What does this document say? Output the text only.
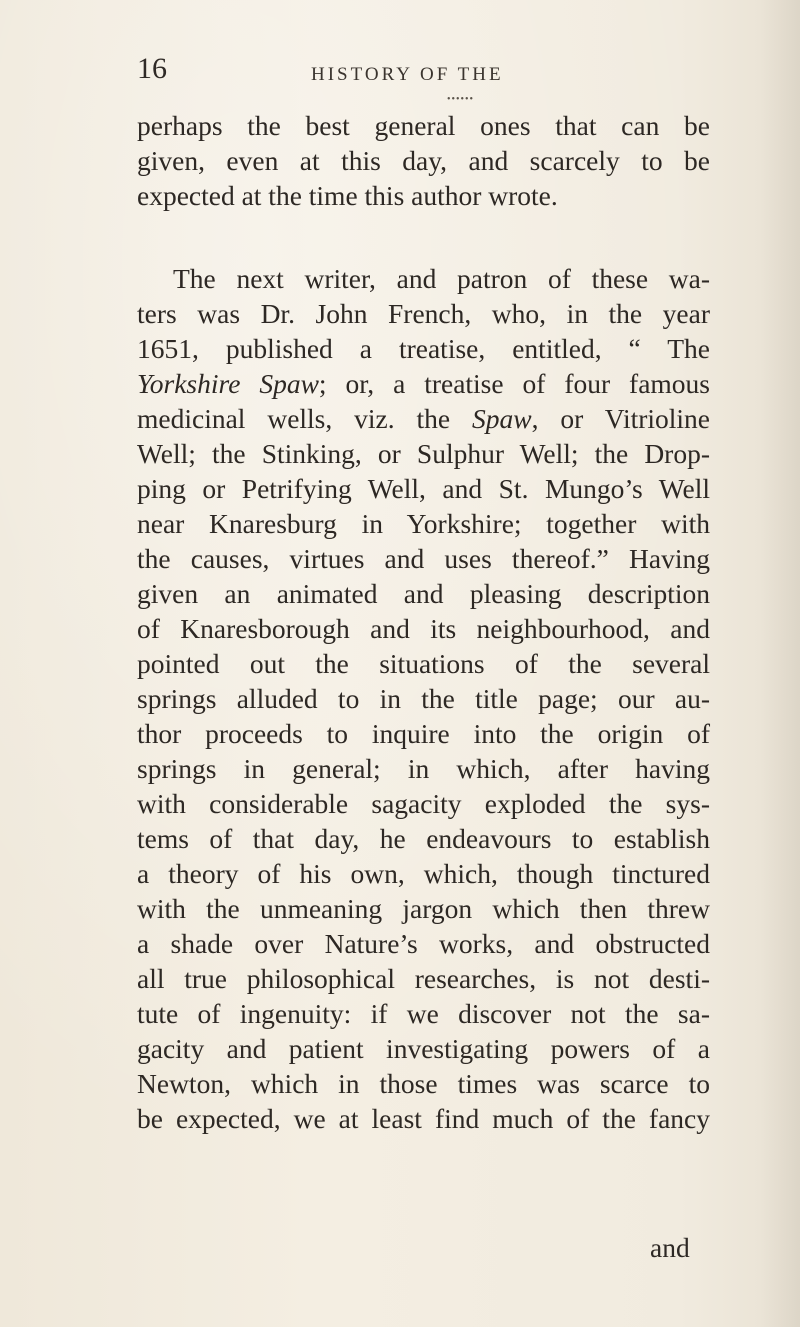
16	HISTORY OF THE
••••••
perhaps the best general ones that can be
given, even at this day, and scarcely to be
expected at the time this author wrote.
The next writer, and patron of these wa-
ters was Dr. John French, who, in the year
1651, published a treatise, entitled, “ The
Yorkshire Spaw; or, a treatise of four famous
medicinal wells, viz. the Spaw, or Vitrioline
Well; the Stinking, or Sulphur Well; the Drop-
ping or Petrifying Well, and St. Mungo’s Well
near Knaresburg in Yorkshire; together with
the causes, virtues and uses thereof.” Having
given an animated and pleasing description
of Knaresborough and its neighbourhood, and
pointed out the situations of the several
springs alluded to in the title page; our au-
thor proceeds to inquire into the origin of
springs in general; in which, after having
with considerable sagacity exploded the sys-
tems of that day, he endeavours to establish
a theory of his own, which, though tinctured
with the unmeaning jargon which then threw
a shade over Nature’s works, and obstructed
all true philosophical researches, is not desti-
tute of ingenuity: if we discover not the sa-
gacity and patient investigating powers of a
Newton, which in those times was scarce to
be expected, we at least find much of the fancy
and
